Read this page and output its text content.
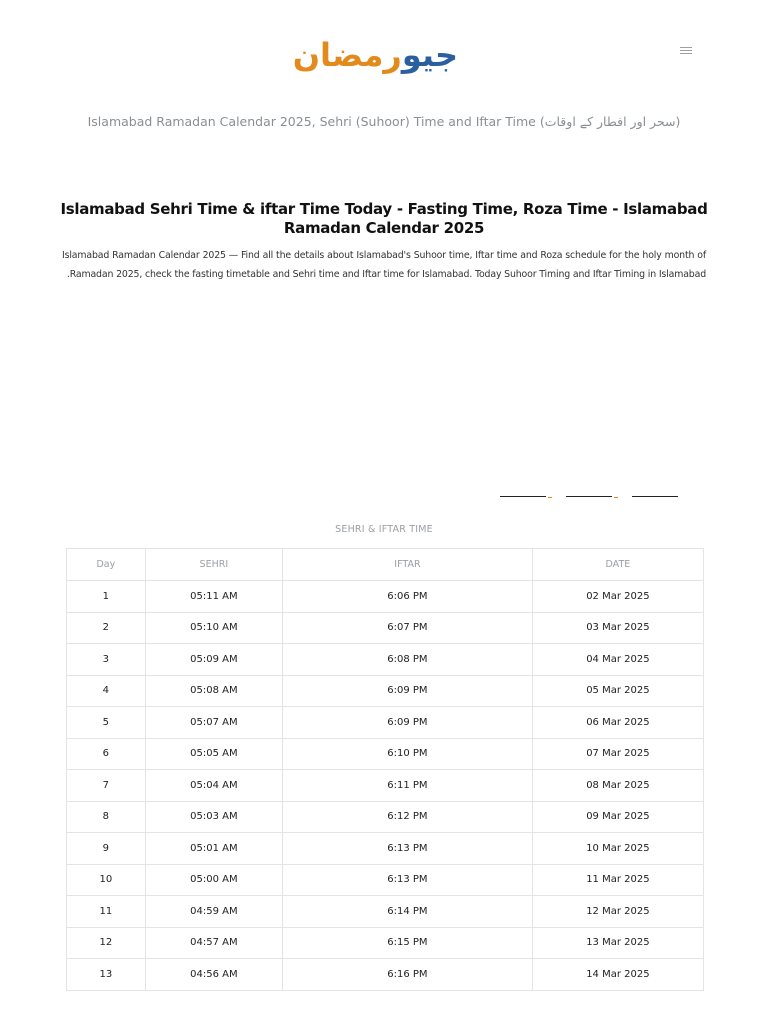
جیورمضان
Islamabad Ramadan Calendar 2025, Sehri (Suhoor) Time and Iftar Time (سحر اور افطار کے اوقات)
Islamabad Sehri Time & iftar Time Today - Fasting Time, Roza Time - Islamabad Ramadan Calendar 2025

Islamabad Ramadan Calendar 2025 — Find all the details about Islamabad's Suhoor time, Iftar time and Roza schedule for the holy month of Ramadan 2025, check the fasting timetable and Sehri time and Iftar time for Islamabad. Today Suhoor Timing and Iftar Timing in Islamabad.

SEHRI & IFTAR TIME
Day	SEHRI	IFTAR	DATE
1	05:11 AM	6:06 PM	02 Mar 2025
2	05:10 AM	6:07 PM	03 Mar 2025
3	05:09 AM	6:08 PM	04 Mar 2025
4	05:08 AM	6:09 PM	05 Mar 2025
5	05:07 AM	6:09 PM	06 Mar 2025
6	05:05 AM	6:10 PM	07 Mar 2025
7	05:04 AM	6:11 PM	08 Mar 2025
8	05:03 AM	6:12 PM	09 Mar 2025
9	05:01 AM	6:13 PM	10 Mar 2025
10	05:00 AM	6:13 PM	11 Mar 2025
11	04:59 AM	6:14 PM	12 Mar 2025
12	04:57 AM	6:15 PM	13 Mar 2025
13	04:56 AM	6:16 PM	14 Mar 2025
